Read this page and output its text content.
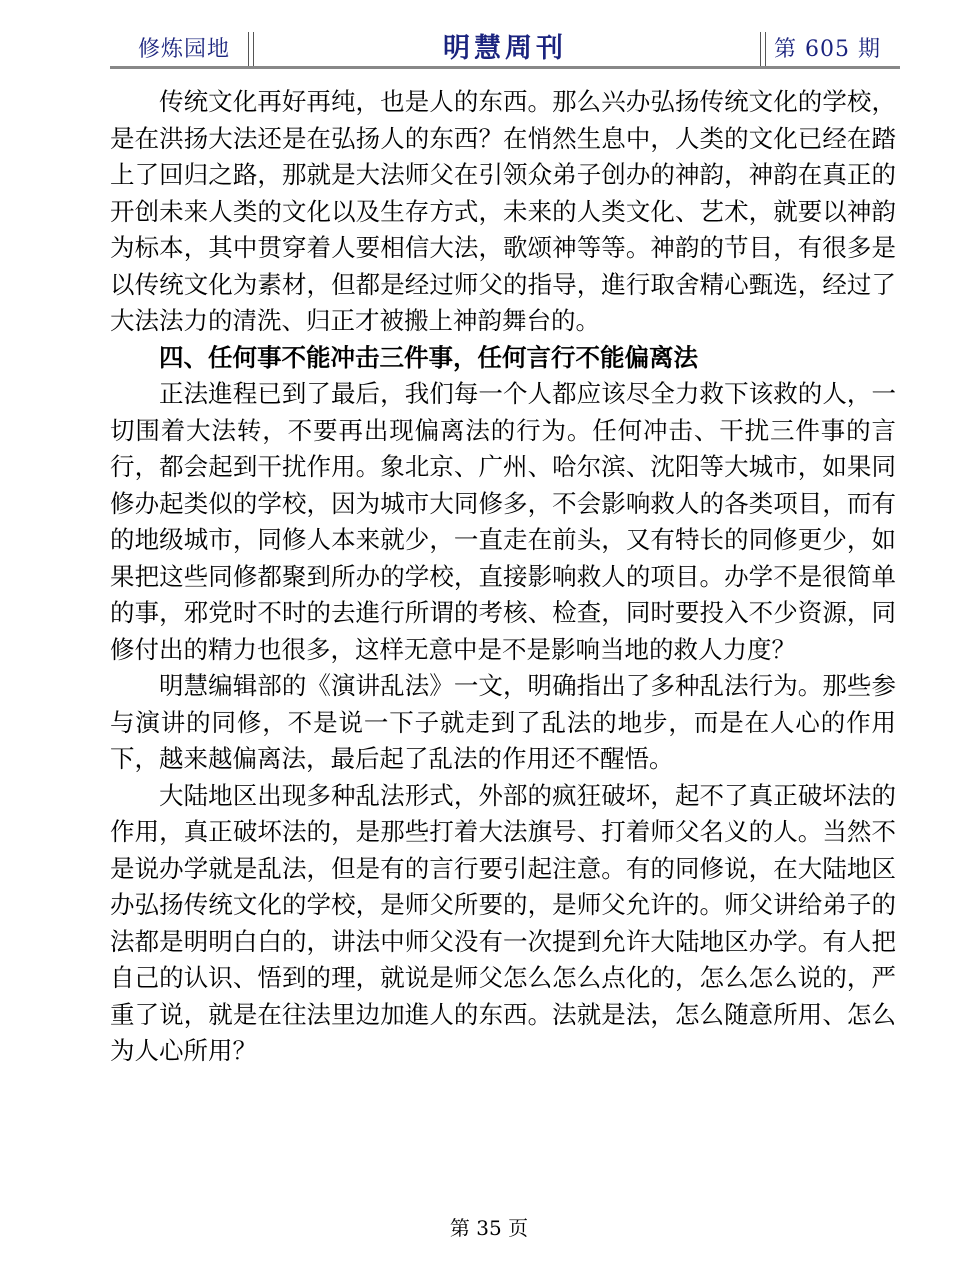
修炼园地	明慧周刊	第 605 期

传统文化再好再纯，也是人的东西。那么兴办弘扬传统文化的学校，是在洪扬大法还是在弘扬人的东西？在悄然生息中，人类的文化已经在踏上了回归之路，那就是大法师父在引领众弟子创办的神韵，神韵在真正的开创未来人类的文化以及生存方式，未来的人类文化、艺术，就要以神韵为标本，其中贯穿着人要相信大法，歌颂神等等。神韵的节目，有很多是以传统文化为素材，但都是经过师父的指导，進行取舍精心甄选，经过了大法法力的清洗、归正才被搬上神韵舞台的。

四、任何事不能冲击三件事，任何言行不能偏离法

正法進程已到了最后，我们每一个人都应该尽全力救下该救的人，一切围着大法转，不要再出现偏离法的行为。任何冲击、干扰三件事的言行，都会起到干扰作用。象北京、广州、哈尔滨、沈阳等大城市，如果同修办起类似的学校，因为城市大同修多，不会影响救人的各类项目，而有的地级城市，同修人本来就少，一直走在前头，又有特长的同修更少，如果把这些同修都聚到所办的学校，直接影响救人的项目。办学不是很简单的事，邪党时不时的去進行所谓的考核、检查，同时要投入不少资源，同修付出的精力也很多，这样无意中是不是影响当地的救人力度？

明慧编辑部的《演讲乱法》一文，明确指出了多种乱法行为。那些参与演讲的同修，不是说一下子就走到了乱法的地步，而是在人心的作用下，越来越偏离法，最后起了乱法的作用还不醒悟。

大陆地区出现多种乱法形式，外部的疯狂破坏，起不了真正破坏法的作用，真正破坏法的，是那些打着大法旗号、打着师父名义的人。当然不是说办学就是乱法，但是有的言行要引起注意。有的同修说，在大陆地区办弘扬传统文化的学校，是师父所要的，是师父允许的。师父讲给弟子的法都是明明白白的，讲法中师父没有一次提到允许大陆地区办学。有人把自己的认识、悟到的理，就说是师父怎么怎么点化的，怎么怎么说的，严重了说，就是在往法里边加進人的东西。法就是法，怎么随意所用、怎么为人心所用？

第 35 页
